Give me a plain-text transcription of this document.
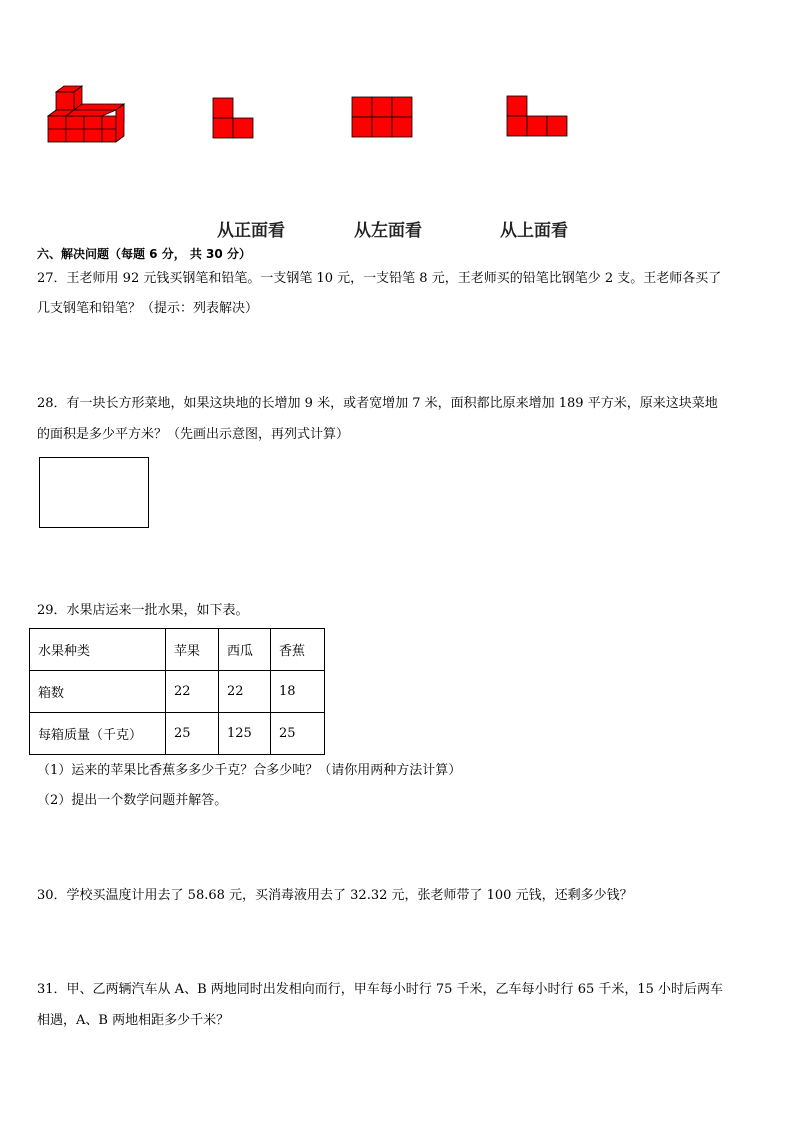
从正面看	从左面看	从上面看
六、解决问题（每题 6 分， 共 30 分）
27．王老师用 92 元钱买钢笔和铅笔。一支钢笔 10 元，一支铅笔 8 元，王老师买的铅笔比钢笔少 2 支。王老师各买了
几支钢笔和铅笔？（提示：列表解决）
28．有一块长方形菜地，如果这块地的长增加 9 米，或者宽增加 7 米，面积都比原来增加 189 平方米，原来这块菜地
的面积是多少平方米？（先画出示意图，再列式计算）
29．水果店运来一批水果，如下表。
水果种类	苹果	西瓜	香蕉
箱数	22	22	18
每箱质量（千克）	25	125	25
（1）运来的苹果比香蕉多多少千克？合多少吨？（请你用两种方法计算）
（2）提出一个数学问题并解答。
30．学校买温度计用去了 58.68 元，买消毒液用去了 32.32 元，张老师带了 100 元钱，还剩多少钱？
31．甲、乙两辆汽车从 A、B 两地同时出发相向而行，甲车每小时行 75 千米，乙车每小时行 65 千米，15 小时后两车
相遇，A、B 两地相距多少千米？
